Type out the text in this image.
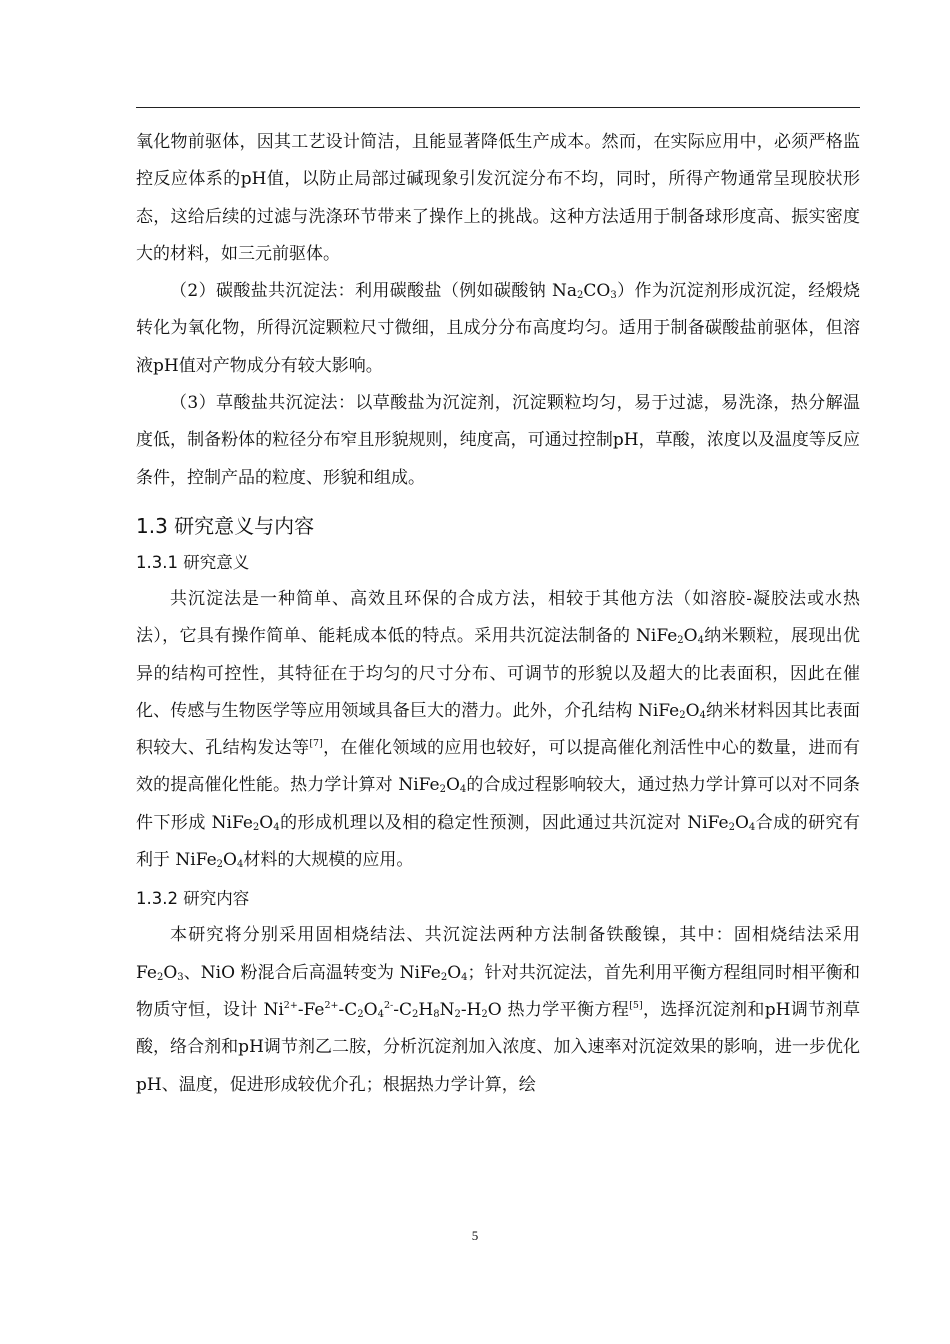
氧化物前驱体，因其工艺设计简洁，且能显著降低生产成本。然而，在实际应用中，必须严格监控反应体系的pH值，以防止局部过碱现象引发沉淀分布不均，同时，所得产物通常呈现胶状形态，这给后续的过滤与洗涤环节带来了操作上的挑战。这种方法适用于制备球形度高、振实密度大的材料，如三元前驱体。

（2）碳酸盐共沉淀法：利用碳酸盐（例如碳酸钠 $Na_2CO_3$）作为沉淀剂形成沉淀，经煅烧转化为氧化物，所得沉淀颗粒尺寸微细，且成分分布高度均匀。适用于制备碳酸盐前驱体，但溶液pH值对产物成分有较大影响。

（3）草酸盐共沉淀法：以草酸盐为沉淀剂，沉淀颗粒均匀，易于过滤，易洗涤，热分解温度低，制备粉体的粒径分布窄且形貌规则，纯度高，可通过控制pH，草酸，浓度以及温度等反应条件，控制产品的粒度、形貌和组成。

1.3 研究意义与内容
1.3.1 研究意义

共沉淀法是一种简单、高效且环保的合成方法，相较于其他方法（如溶胶-凝胶法或水热法），它具有操作简单、能耗成本低的特点。采用共沉淀法制备的 $NiFe_2O_4$纳米颗粒，展现出优异的结构可控性，其特征在于均匀的尺寸分布、可调节的形貌以及超大的比表面积，因此在催化、传感与生物医学等应用领域具备巨大的潜力。此外，介孔结构 $NiFe_2O_4$纳米材料因其比表面积较大、孔结构发达等[7]，在催化领域的应用也较好，可以提高催化剂活性中心的数量，进而有效的提高催化性能。热力学计算对 $NiFe_2O_4$的合成过程影响较大，通过热力学计算可以对不同条件下形成 $NiFe_2O_4$的形成机理以及相的稳定性预测，因此通过共沉淀对 $NiFe_2O_4$合成的研究有利于 $NiFe_2O_4$材料的大规模的应用。

1.3.2 研究内容

本研究将分别采用固相烧结法、共沉淀法两种方法制备铁酸镍，其中：固相烧结法采用 $Fe_2O_3$、NiO 粉混合后高温转变为 $NiFe_2O_4$；针对共沉淀法，首先利用平衡方程组同时相平衡和物质守恒，设计 $Ni^{2+}-Fe^{2+}-C_2O_4^{2-}-C_2H_8N_2-H_2O$ 热力学平衡方程[5]，选择沉淀剂和pH调节剂草酸，络合剂和pH调节剂乙二胺，分析沉淀剂加入浓度、加入速率对沉淀效果的影响，进一步优化pH、温度，促进形成较优介孔；根据热力学计算，绘

5
